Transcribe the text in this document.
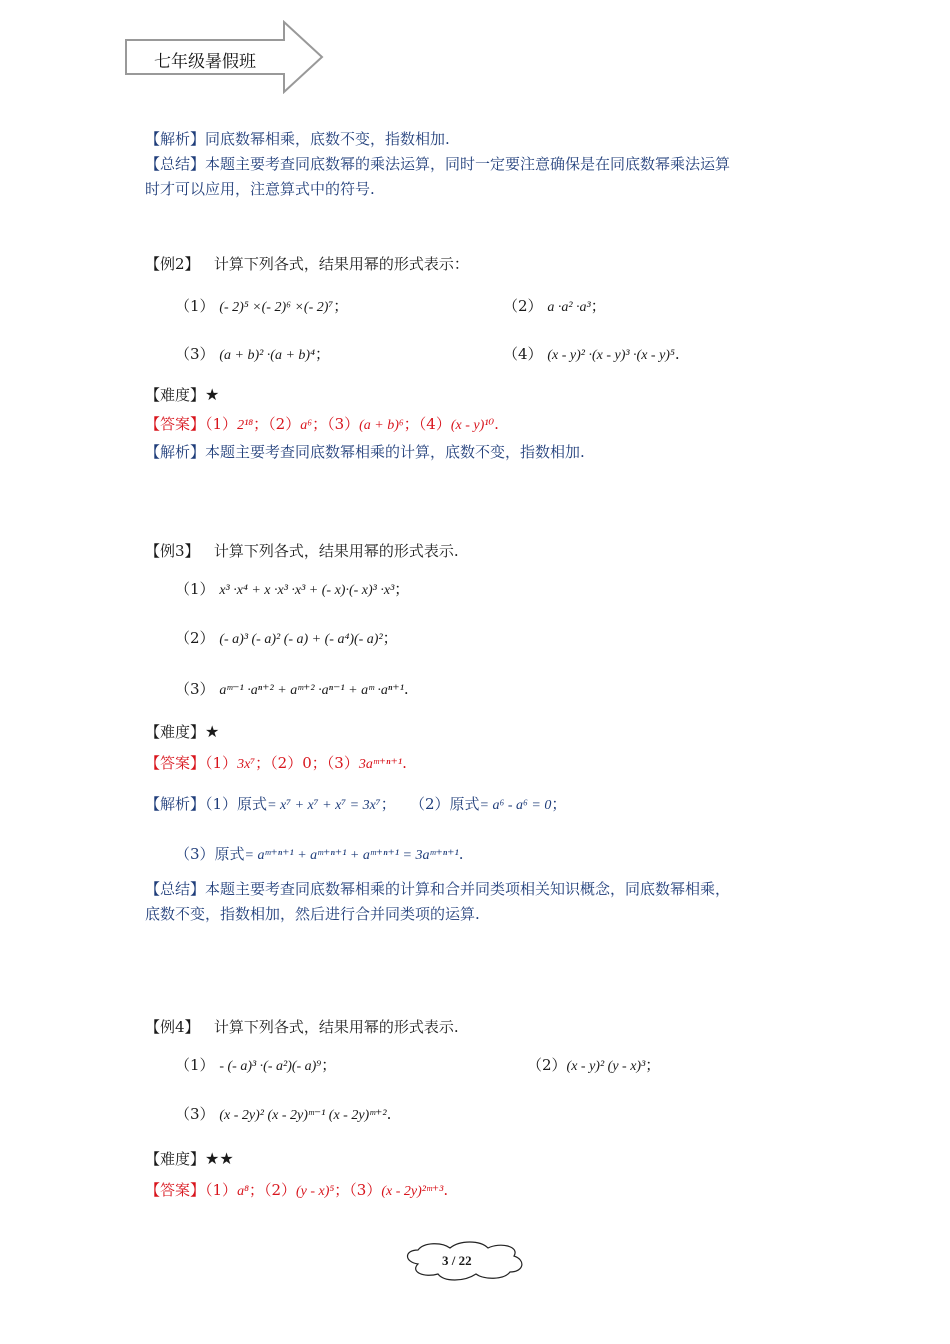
七年级暑假班
【解析】同底数幂相乘，底数不变，指数相加.
【总结】本题主要考查同底数幂的乘法运算，同时一定要注意确保是在同底数幂乘法运算
时才可以应用，注意算式中的符号.
【例2】 计算下列各式，结果用幂的形式表示：
（1） (- 2)⁵ ×(- 2)⁶ ×(- 2)⁷；	（2） a ·a² ·a³；
（3） (a + b)² ·(a + b)⁴；	（4） (x - y)² ·(x - y)³ ·(x - y)⁵.
【难度】★
【答案】（1）2¹⁸；（2）a⁶；（3）(a + b)⁶；（4）(x - y)¹⁰.
【解析】本题主要考查同底数幂相乘的计算，底数不变，指数相加.
【例3】 计算下列各式，结果用幂的形式表示.
（1） x³ ·x⁴ + x ·x³ ·x³ + (- x)·(- x)³ ·x³；
（2） (- a)³ (- a)² (- a) + (- a⁴)(- a)²；
（3） aᵐ⁻¹ ·aⁿ⁺² + aᵐ⁺² ·aⁿ⁻¹ + aᵐ ·aⁿ⁺¹.
【难度】★
【答案】（1）3x⁷；（2）0；（3）3aᵐ⁺ⁿ⁺¹.
【解析】（1）原式= x⁷ + x⁷ + x⁷ = 3x⁷；   （2）原式= a⁶ - a⁶ = 0；
（3）原式= aᵐ⁺ⁿ⁺¹ + aᵐ⁺ⁿ⁺¹ + aᵐ⁺ⁿ⁺¹ = 3aᵐ⁺ⁿ⁺¹.
【总结】本题主要考查同底数幂相乘的计算和合并同类项相关知识概念，同底数幂相乘，
底数不变，指数相加，然后进行合并同类项的运算.
【例4】 计算下列各式，结果用幂的形式表示.
（1） - (- a)³ ·(- a²)(- a)⁹；	（2）(x - y)² (y - x)³；
（3） (x - 2y)² (x - 2y)ᵐ⁻¹ (x - 2y)ᵐ⁺².
【难度】★★
【答案】（1）a⁸；（2）(y - x)⁵；（3）(x - 2y)²ᵐ⁺³.
3 / 22
